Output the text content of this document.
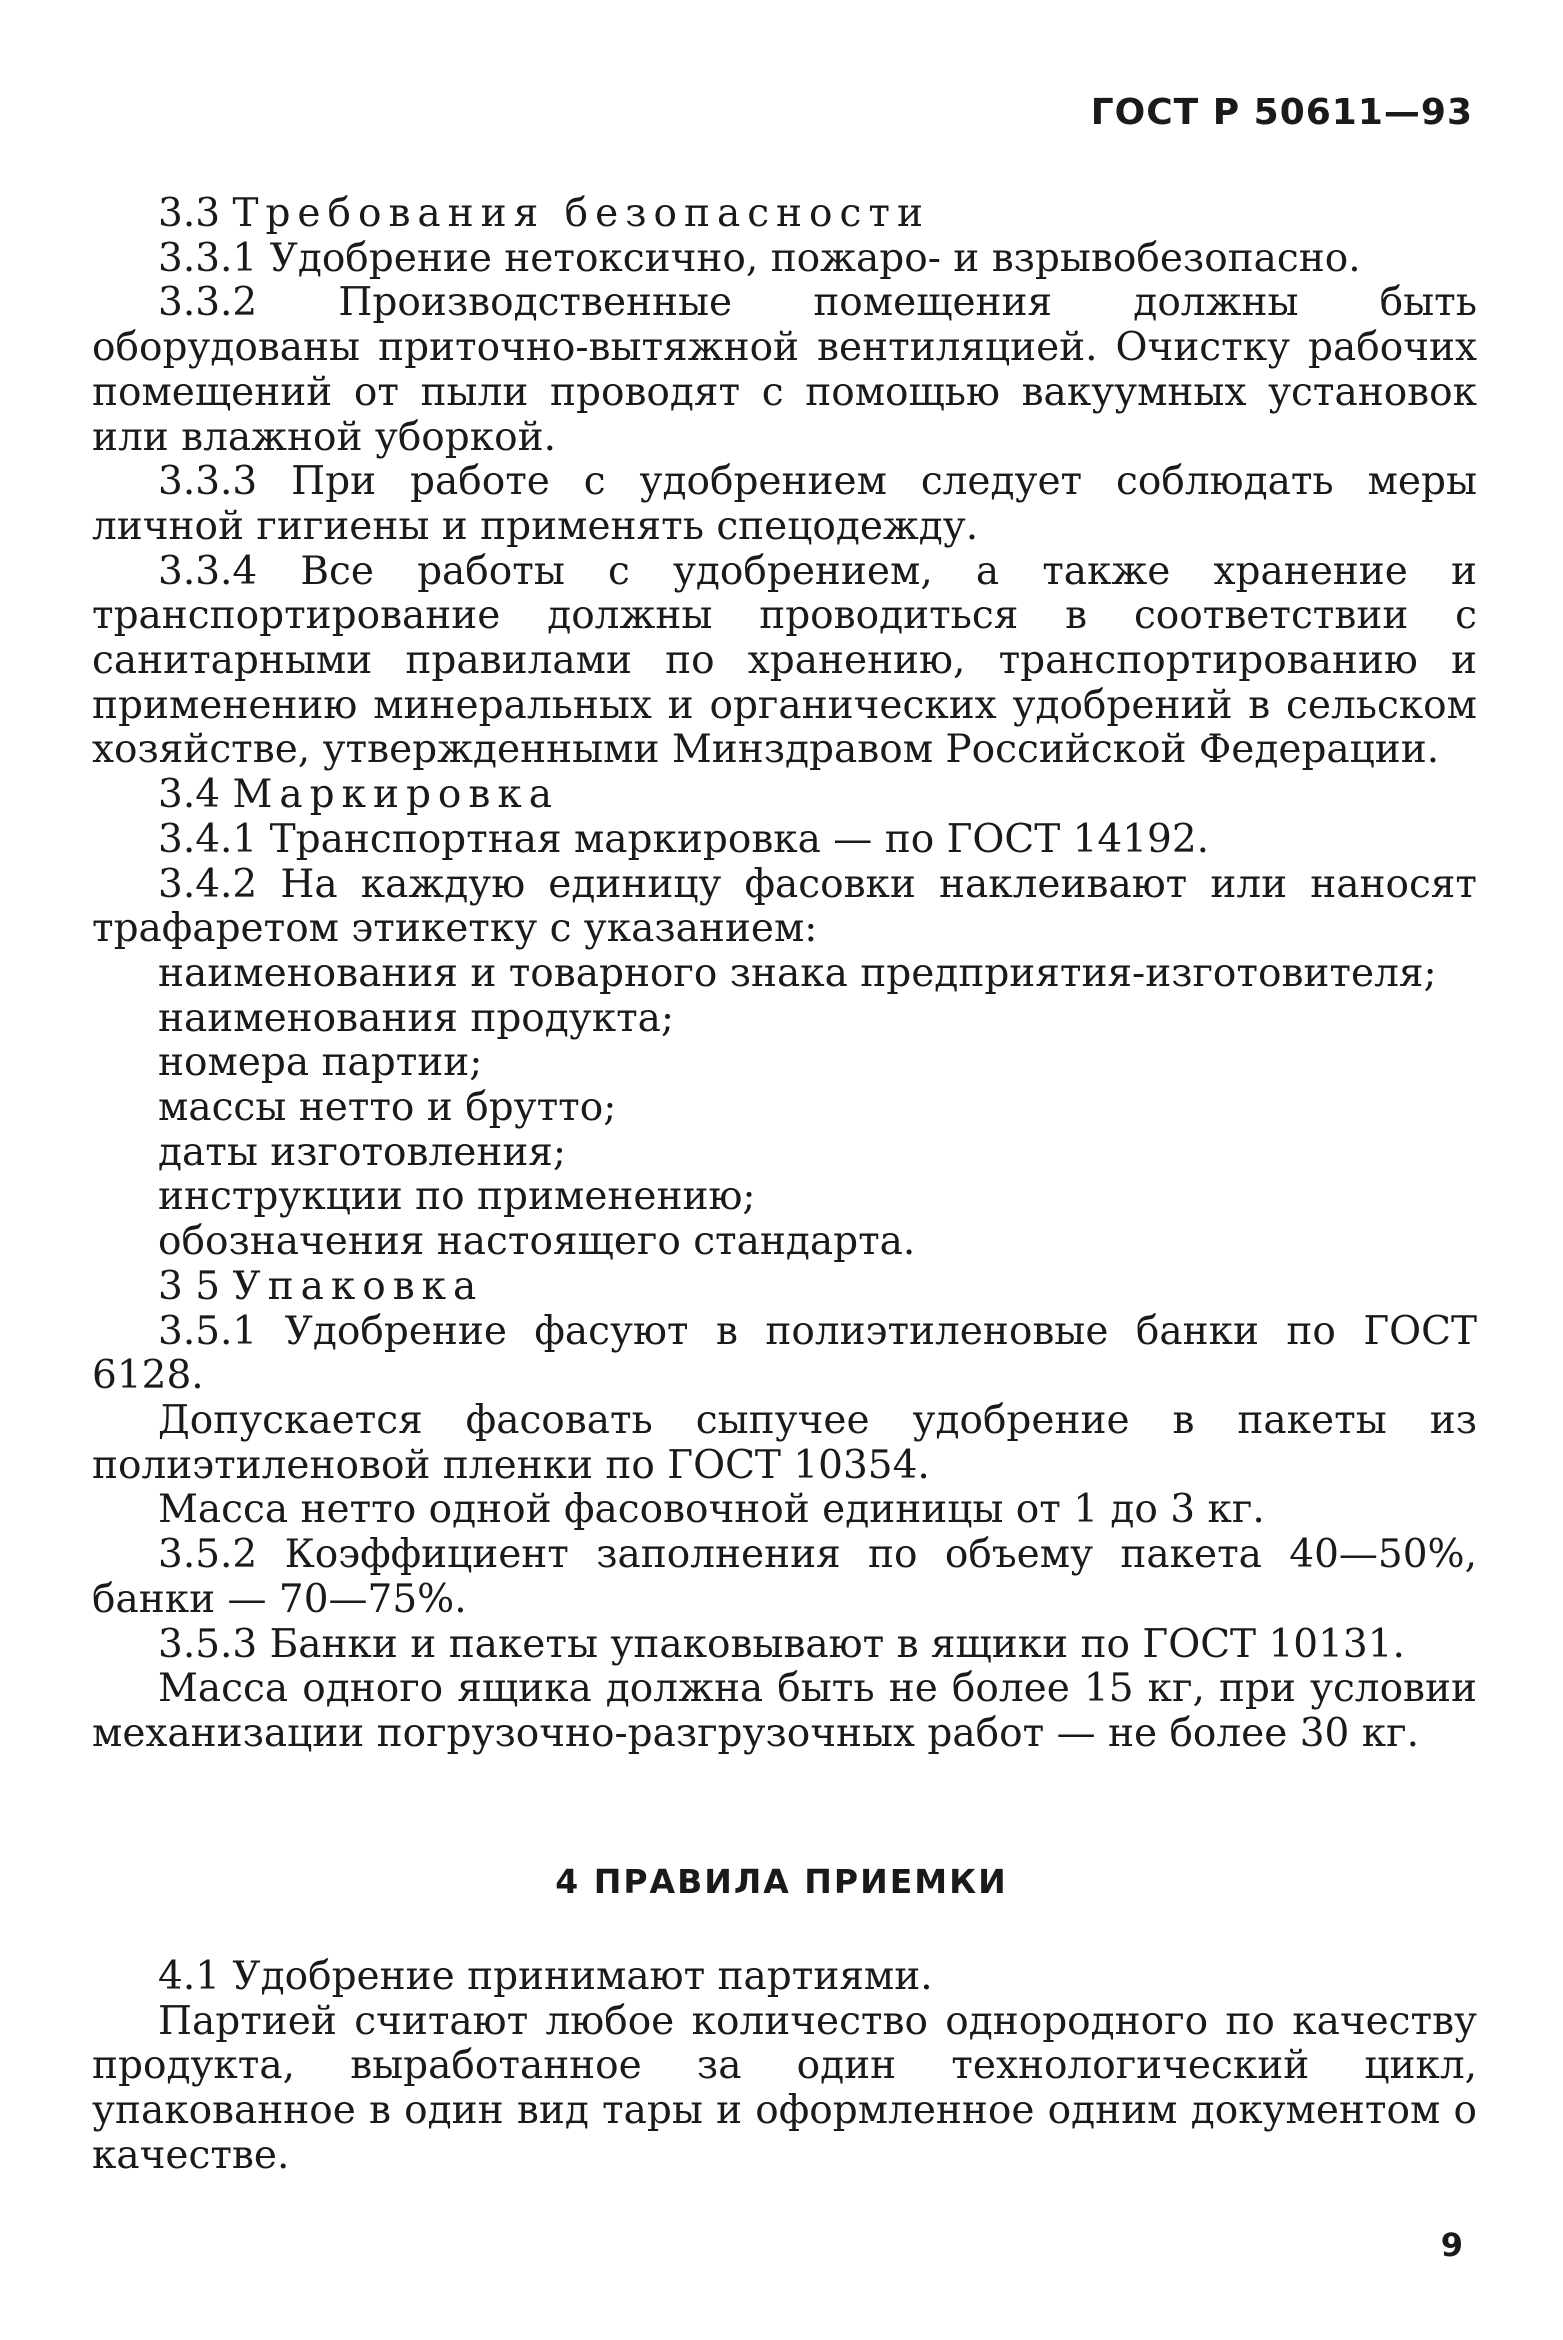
ГОСТ Р 50611—93

3.3 Требования безопасности

3.3.1 Удобрение нетоксично, пожаро- и взрывобезопасно.

3.3.2 Производственные помещения должны быть оборудованы приточно-вытяжной вентиляцией. Очистку рабочих помещений от пыли проводят с помощью вакуумных установок или влажной уборкой.

3.3.3 При работе с удобрением следует соблюдать меры личной гигиены и применять спецодежду.

3.3.4 Все работы с удобрением, а также хранение и транспортирование должны проводиться в соответствии с санитарными правилами по хранению, транспортированию и применению минеральных и органических удобрений в сельском хозяйстве, утвержденными Минздравом Российской Федерации.

3.4 Маркировка

3.4.1 Транспортная маркировка — по ГОСТ 14192.

3.4.2 На каждую единицу фасовки наклеивают или наносят трафаретом этикетку с указанием:

наименования и товарного знака предприятия-изготовителя;

наименования продукта;

номера партии;

массы нетто и брутто;

даты изготовления;

инструкции по применению;

обозначения настоящего стандарта.

3 5 Упаковка

3.5.1 Удобрение фасуют в полиэтиленовые банки по ГОСТ 6128.

Допускается фасовать сыпучее удобрение в пакеты из полиэтиленовой пленки по ГОСТ 10354.

Масса нетто одной фасовочной единицы от 1 до 3 кг.

3.5.2 Коэффициент заполнения по объему пакета 40—50%, банки — 70—75%.

3.5.3 Банки и пакеты упаковывают в ящики по ГОСТ 10131.

Масса одного ящика должна быть не более 15 кг, при условии механизации погрузочно-разгрузочных работ — не более 30 кг.

4 ПРАВИЛА ПРИЕМКИ

4.1 Удобрение принимают партиями.

Партией считают любое количество однородного по качеству продукта, выработанное за один технологический цикл, упакованное в один вид тары и оформленное одним документом о качестве.

9
